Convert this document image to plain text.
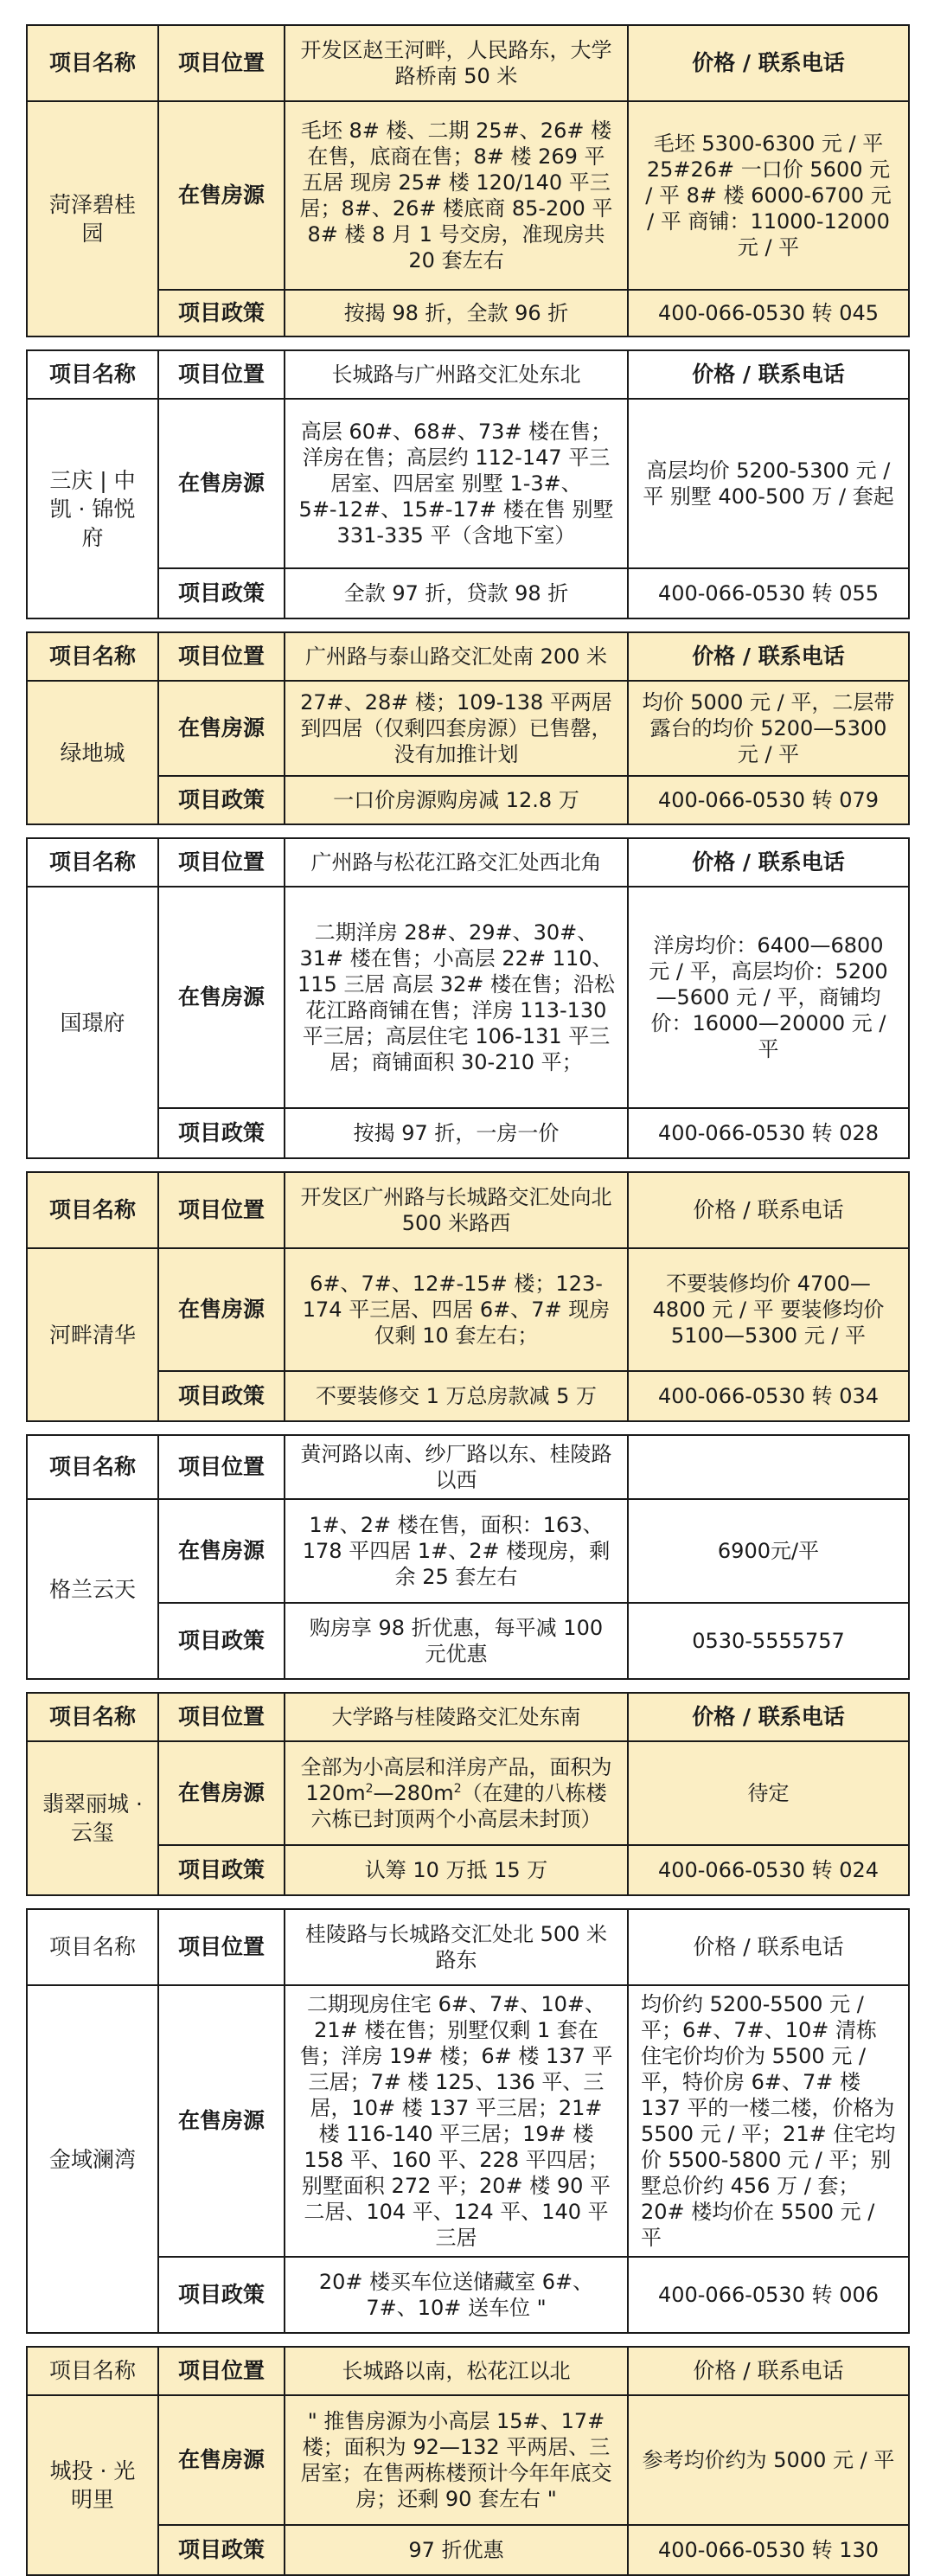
项目名称	项目位置	开发区赵王河畔，人民路东，大学路桥南 50 米	价格 / 联系电话
菏泽碧桂园	在售房源	毛坯 8# 楼、二期 25#、26# 楼在售，底商在售；8# 楼 269 平五居 现房 25# 楼 120/140 平三居；8#、26# 楼底商 85-200 平 8# 楼 8 月 1 号交房，准现房共 20 套左右	毛坯 5300-6300 元 / 平 25#26# 一口价 5600 元 / 平 8# 楼 6000-6700 元 / 平 商铺：11000-12000 元 / 平
	项目政策	按揭 98 折，全款 96 折	400-066-0530 转 045

项目名称	项目位置	长城路与广州路交汇处东北	价格 / 联系电话
三庆 | 中凯 · 锦悦府	在售房源	高层 60#、68#、73# 楼在售；洋房在售；高层约 112-147 平三居室、四居室 别墅 1-3#、5#-12#、15#-17# 楼在售 别墅 331-335 平（含地下室）	高层均价 5200-5300 元 / 平 别墅 400-500 万 / 套起
	项目政策	全款 97 折，贷款 98 折	400-066-0530 转 055

项目名称	项目位置	广州路与泰山路交汇处南 200 米	价格 / 联系电话
绿地城	在售房源	27#、28# 楼；109-138 平两居到四居（仅剩四套房源）已售罄，没有加推计划	均价 5000 元 / 平，二层带露台的均价 5200—5300 元 / 平
	项目政策	一口价房源购房减 12.8 万	400-066-0530 转 079

项目名称	项目位置	广州路与松花江路交汇处西北角	价格 / 联系电话
国璟府	在售房源	二期洋房 28#、29#、30#、31# 楼在售；小高层 22# 110、115 三居 高层 32# 楼在售；沿松花江路商铺在售；洋房 113-130 平三居；高层住宅 106-131 平三居；商铺面积 30-210 平；	洋房均价：6400—6800 元 / 平，高层均价：5200—5600 元 / 平，商铺均价：16000—20000 元 / 平
	项目政策	按揭 97 折，一房一价	400-066-0530 转 028

项目名称	项目位置	开发区广州路与长城路交汇处向北 500 米路西	价格 / 联系电话
河畔清华	在售房源	6#、7#、12#-15# 楼；123-174 平三居、四居 6#、7# 现房仅剩 10 套左右；	不要装修均价 4700—4800 元 / 平 要装修均价 5100—5300 元 / 平
	项目政策	不要装修交 1 万总房款减 5 万	400-066-0530 转 034

项目名称	项目位置	黄河路以南、纱厂路以东、桂陵路以西	
格兰云天	在售房源	1#、2# 楼在售，面积：163、178 平四居 1#、2# 楼现房，剩余 25 套左右	6900元/平
	项目政策	购房享 98 折优惠，每平减 100 元优惠	0530-5555757

项目名称	项目位置	大学路与桂陵路交汇处东南	价格 / 联系电话
翡翠丽城 · 云玺	在售房源	全部为小高层和洋房产品，面积为 $120m^2—280m^2$（在建的八栋楼六栋已封顶两个小高层未封顶）	待定
	项目政策	认筹 10 万抵 15 万	400-066-0530 转 024

项目名称	项目位置	桂陵路与长城路交汇处北 500 米路东	价格 / 联系电话
金域澜湾	在售房源	二期现房住宅 6#、7#、10#、21# 楼在售；别墅仅剩 1 套在售；洋房 19# 楼；6# 楼 137 平三居；7# 楼 125、136 平、三居，10# 楼 137 平三居；21# 楼 116-140 平三居；19# 楼 158 平、160 平、228 平四居；别墅面积 272 平；20# 楼 90 平二居、104 平、124 平、140 平三居	均价约 5200-5500 元 / 平；6#、7#、10# 清栋住宅价均价为 5500 元 / 平，特价房 6#、7# 楼 137 平的一楼二楼，价格为 5500 元 / 平；21# 住宅均价 5500-5800 元 / 平；别墅总价约 456 万 / 套；20# 楼均价在 5500 元 / 平
	项目政策	20# 楼买车位送储藏室 6#、7#、10# 送车位 "	400-066-0530 转 006

项目名称	项目位置	长城路以南，松花江以北	价格 / 联系电话
城投 · 光明里	在售房源	" 推售房源为小高层 15#、17# 楼；面积为 92—132 平两居、三居室；在售两栋楼预计今年年底交房；还剩 90 套左右 "	参考均价约为 5000 元 / 平
	项目政策	97 折优惠	400-066-0530 转 130
